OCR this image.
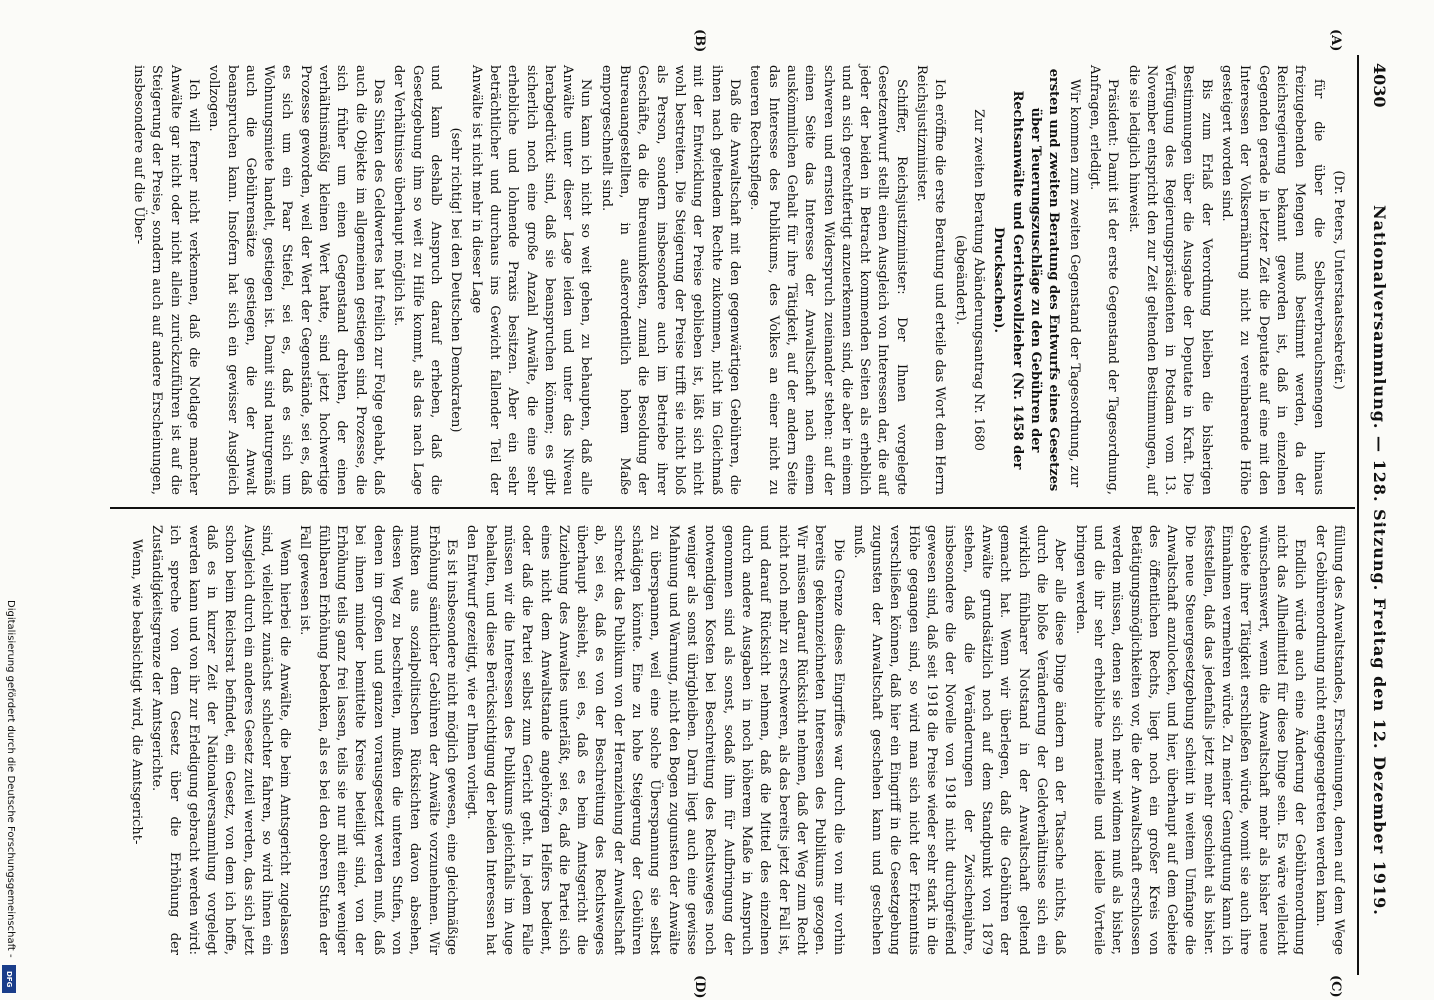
4030
Nationalversammlung. — 128. Sitzung. Freitag den 12. Dezember 1919.
(A)
(B)
(C)
(D)

(Dr. Peters, Unterstaatssekretär.)

für die über die Selbstverbrauchsmengen hinaus freizugebenden Mengen muß bestimmt werden, da der Reichsregierung bekannt geworden ist, daß in einzelnen Gegenden gerade in letzter Zeit die Deputate auf eine mit den Interessen der Volksernährung nicht zu vereinbarende Höhe gesteigert worden sind.

Bis zum Erlaß der Verordnung bleiben die bisherigen Bestimmungen über die Ausgabe der Deputate in Kraft. Die Verfügung des Regierungspräsidenten in Potsdam vom 13. November entspricht den zur Zeit geltenden Bestimmungen, auf die sie lediglich hinweist.

Präsident: Damit ist der erste Gegenstand der Tagesordnung, Anfragen, erledigt.

Wir kommen zum zweiten Gegenstand der Tagesordnung, zur

ersten und zweiten Beratung des Entwurfs eines Gesetzes über Teuerungszuschläge zu den Gebühren der Rechtsanwälte und Gerichtsvollzieher (Nr. 1458 der Drucksachen).

Zur zweiten Beratung Abänderungsantrag Nr. 1680 (abgeändert).

Ich eröffne die erste Beratung und erteile das Wort dem Herrn Reichsjustizminister.

Schiffer, Reichsjustizminister: Der Ihnen vorgelegte Gesetzentwurf stellt einen Ausgleich von Interessen dar, die auf jeder der beiden in Betracht kommenden Seiten als erheblich und an sich gerechtfertigt anzuerkennen sind, die aber in einem schweren und ernsten Widerspruch zueinander stehen: auf der einen Seite das Interesse der Anwaltschaft nach einem auskömmlichen Gehalt für ihre Tätigkeit, auf der andern Seite das Interesse des Publikums, des Volkes an einer nicht zu teueren Rechtspflege.

Daß die Anwaltschaft mit den gegenwärtigen Gebühren, die ihnen nach geltendem Rechte zukommen, nicht im Gleichmaß mit der Entwicklung der Preise geblieben ist, läßt sich nicht wohl bestreiten. Die Steigerung der Preise trifft sie nicht bloß als Person, sondern insbesondere auch im Betriebe ihrer Geschäfte, da die Bureauunkosten, zumal die Besoldung der Bureauangestellten, in außerordentlich hohem Maße emporgeschnellt sind.

Nun kann ich nicht so weit gehen, zu behaupten, daß alle Anwälte unter dieser Lage leiden und unter das Niveau herabgedrückt sind, daß sie beanspruchen können; es gibt sicherlich noch eine große Anzahl Anwälte, die eine sehr erhebliche und lohnende Praxis besitzen. Aber ein sehr beträchtlicher und durchaus ins Gewicht fallender Teil der Anwälte ist nicht mehr in dieser Lage

(sehr richtig! bei den Deutschen Demokraten)

und kann deshalb Anspruch darauf erheben, daß die Gesetzgebung ihm so weit zu Hilfe kommt, als das nach Lage der Verhältnisse überhaupt möglich ist.

Das Sinken des Geldwertes hat freilich zur Folge gehabt, daß auch die Objekte im allgemeinen gestiegen sind. Prozesse, die sich früher um einen Gegenstand drehten, der einen verhältnismäßig kleinen Wert hatte, sind jetzt hochwertige Prozesse geworden, weil der Wert der Gegenstände, sei es, daß es sich um ein Paar Stiefel, sei es, daß es sich um Wohnungsmiete handelt, gestiegen ist. Damit sind naturgemäß auch die Gebührensätze gestiegen, die der Anwalt beanspruchen kann. Insofern hat sich ein gewisser Ausgleich vollzogen.

Ich will ferner nicht verkennen, daß die Notlage mancher Anwälte gar nicht oder nicht allein zurückzuführen ist auf die Steigerung der Preise, sondern auch auf andere Erscheinungen, insbesondere auf die Über-

füllung des Anwaltstandes, Erscheinungen, denen auf dem Wege der Gebührenordnung nicht entgegengetreten werden kann.

Endlich würde auch eine Änderung der Gebührenordnung nicht das Allheilmittel für diese Dinge sein. Es wäre vielleicht wünschenswert, wenn die Anwaltschaft mehr als bisher neue Gebiete ihrer Tätigkeit erschließen würde, womit sie auch ihre Einnahmen vermehren würde. Zu meiner Genugtuung kann ich feststellen, daß das jedenfalls jetzt mehr geschieht als bisher. Die neue Steuergesetzgebung scheint in weitem Umfange die Anwaltschaft anzulocken, und hier, überhaupt auf dem Gebiete des öffentlichen Rechts, liegt noch ein großer Kreis von Betätigungsmöglichkeiten vor, die der Anwaltschaft erschlossen werden müssen, denen sie sich mehr widmen muß als bisher, und die ihr sehr erhebliche materielle und ideelle Vorteile bringen werden.

Aber alle diese Dinge ändern an der Tatsache nichts, daß durch die bloße Veränderung der Geldverhältnisse sich ein wirklich fühlbarer Notstand in der Anwaltschaft geltend gemacht hat. Wenn wir überlegen, daß die Gebühren der Anwälte grundsätzlich noch auf dem Standpunkt von 1879 stehen, daß die Veränderungen der Zwischenjahre, insbesondere die der Novelle von 1918 nicht durchgreifend gewesen sind, daß seit 1918 die Preise wieder sehr stark in die Höhe gegangen sind, so wird man sich nicht der Erkenntnis verschließen können, daß hier ein Eingriff in die Gesetzgebung zugunsten der Anwaltschaft geschehen kann und geschehen muß.

Die Grenze dieses Eingriffes war durch die von mir vorhin bereits gekennzeichneten Interessen des Publikums gezogen. Wir müssen darauf Rücksicht nehmen, daß der Weg zum Recht nicht noch mehr zu erschweren, als das bereits jetzt der Fall ist, und darauf Rücksicht nehmen, daß die Mittel des einzelnen durch andere Ausgaben in noch höherem Maße in Anspruch genommen sind als sonst, sodaß ihm für Aufbringung der notwendigen Kosten bei Beschreitung des Rechtsweges noch weniger als sonst übrigbleiben. Darin liegt auch eine gewisse Mahnung und Warnung, nicht den Bogen zugunsten der Anwälte zu überspannen, weil eine solche Überspannung sie selbst schädigen könnte. Eine zu hohe Steigerung der Gebühren schreckt das Publikum von der Heranziehung der Anwaltschaft ab, sei es, daß es von der Beschreitung des Rechtsweges überhaupt absieht, sei es, daß es beim Amtsgericht die Zuziehung des Anwaltes unterläßt, sei es, daß die Partei sich eines nicht dem Anwaltstande angehörigen Helfers bedient, oder daß die Partei selbst zum Gericht geht. In jedem Falle müssen wir die Interessen des Publikums gleichfalls im Auge behalten, und diese Berücksichtigung der beiden Interessen hat den Entwurf gezeitigt, wie er Ihnen vorliegt.

Es ist insbesondere nicht möglich gewesen, eine gleichmäßige Erhöhung sämtlicher Gebühren der Anwälte vorzunehmen. Wir mußten aus sozialpolitischen Rücksichten davon absehen, diesen Weg zu beschreiten, mußten die unteren Stufen, von denen im großen und ganzen vorausgesetzt werden muß, daß bei ihnen minder bemittelte Kreise beteiligt sind, von der Erhöhung teils ganz frei lassen, teils sie nur mit einer weniger fühlbaren Erhöhung bedenken, als es bei den oberen Stufen der Fall gewesen ist.

Wenn hierbei die Anwälte, die beim Amtsgericht zugelassen sind, vielleicht zunächst schlechter fahren, so wird ihnen ein Ausgleich durch ein anderes Gesetz zuteil werden, das sich jetzt schon beim Reichsrat befindet, ein Gesetz, von dem ich hoffe, daß es in kurzer Zeit der Nationalversammlung vorgelegt werden kann und von ihr zur Erledigung gebracht werden wird: ich spreche von dem Gesetz über die Erhöhung der Zuständigkeitsgrenze der Amtsgerichte.

Wenn, wie beabsichtigt wird, die Amtsgericht-

Digitalisierung gefördert durch die Deutsche Forschungsgemeinschaft -
DFG
